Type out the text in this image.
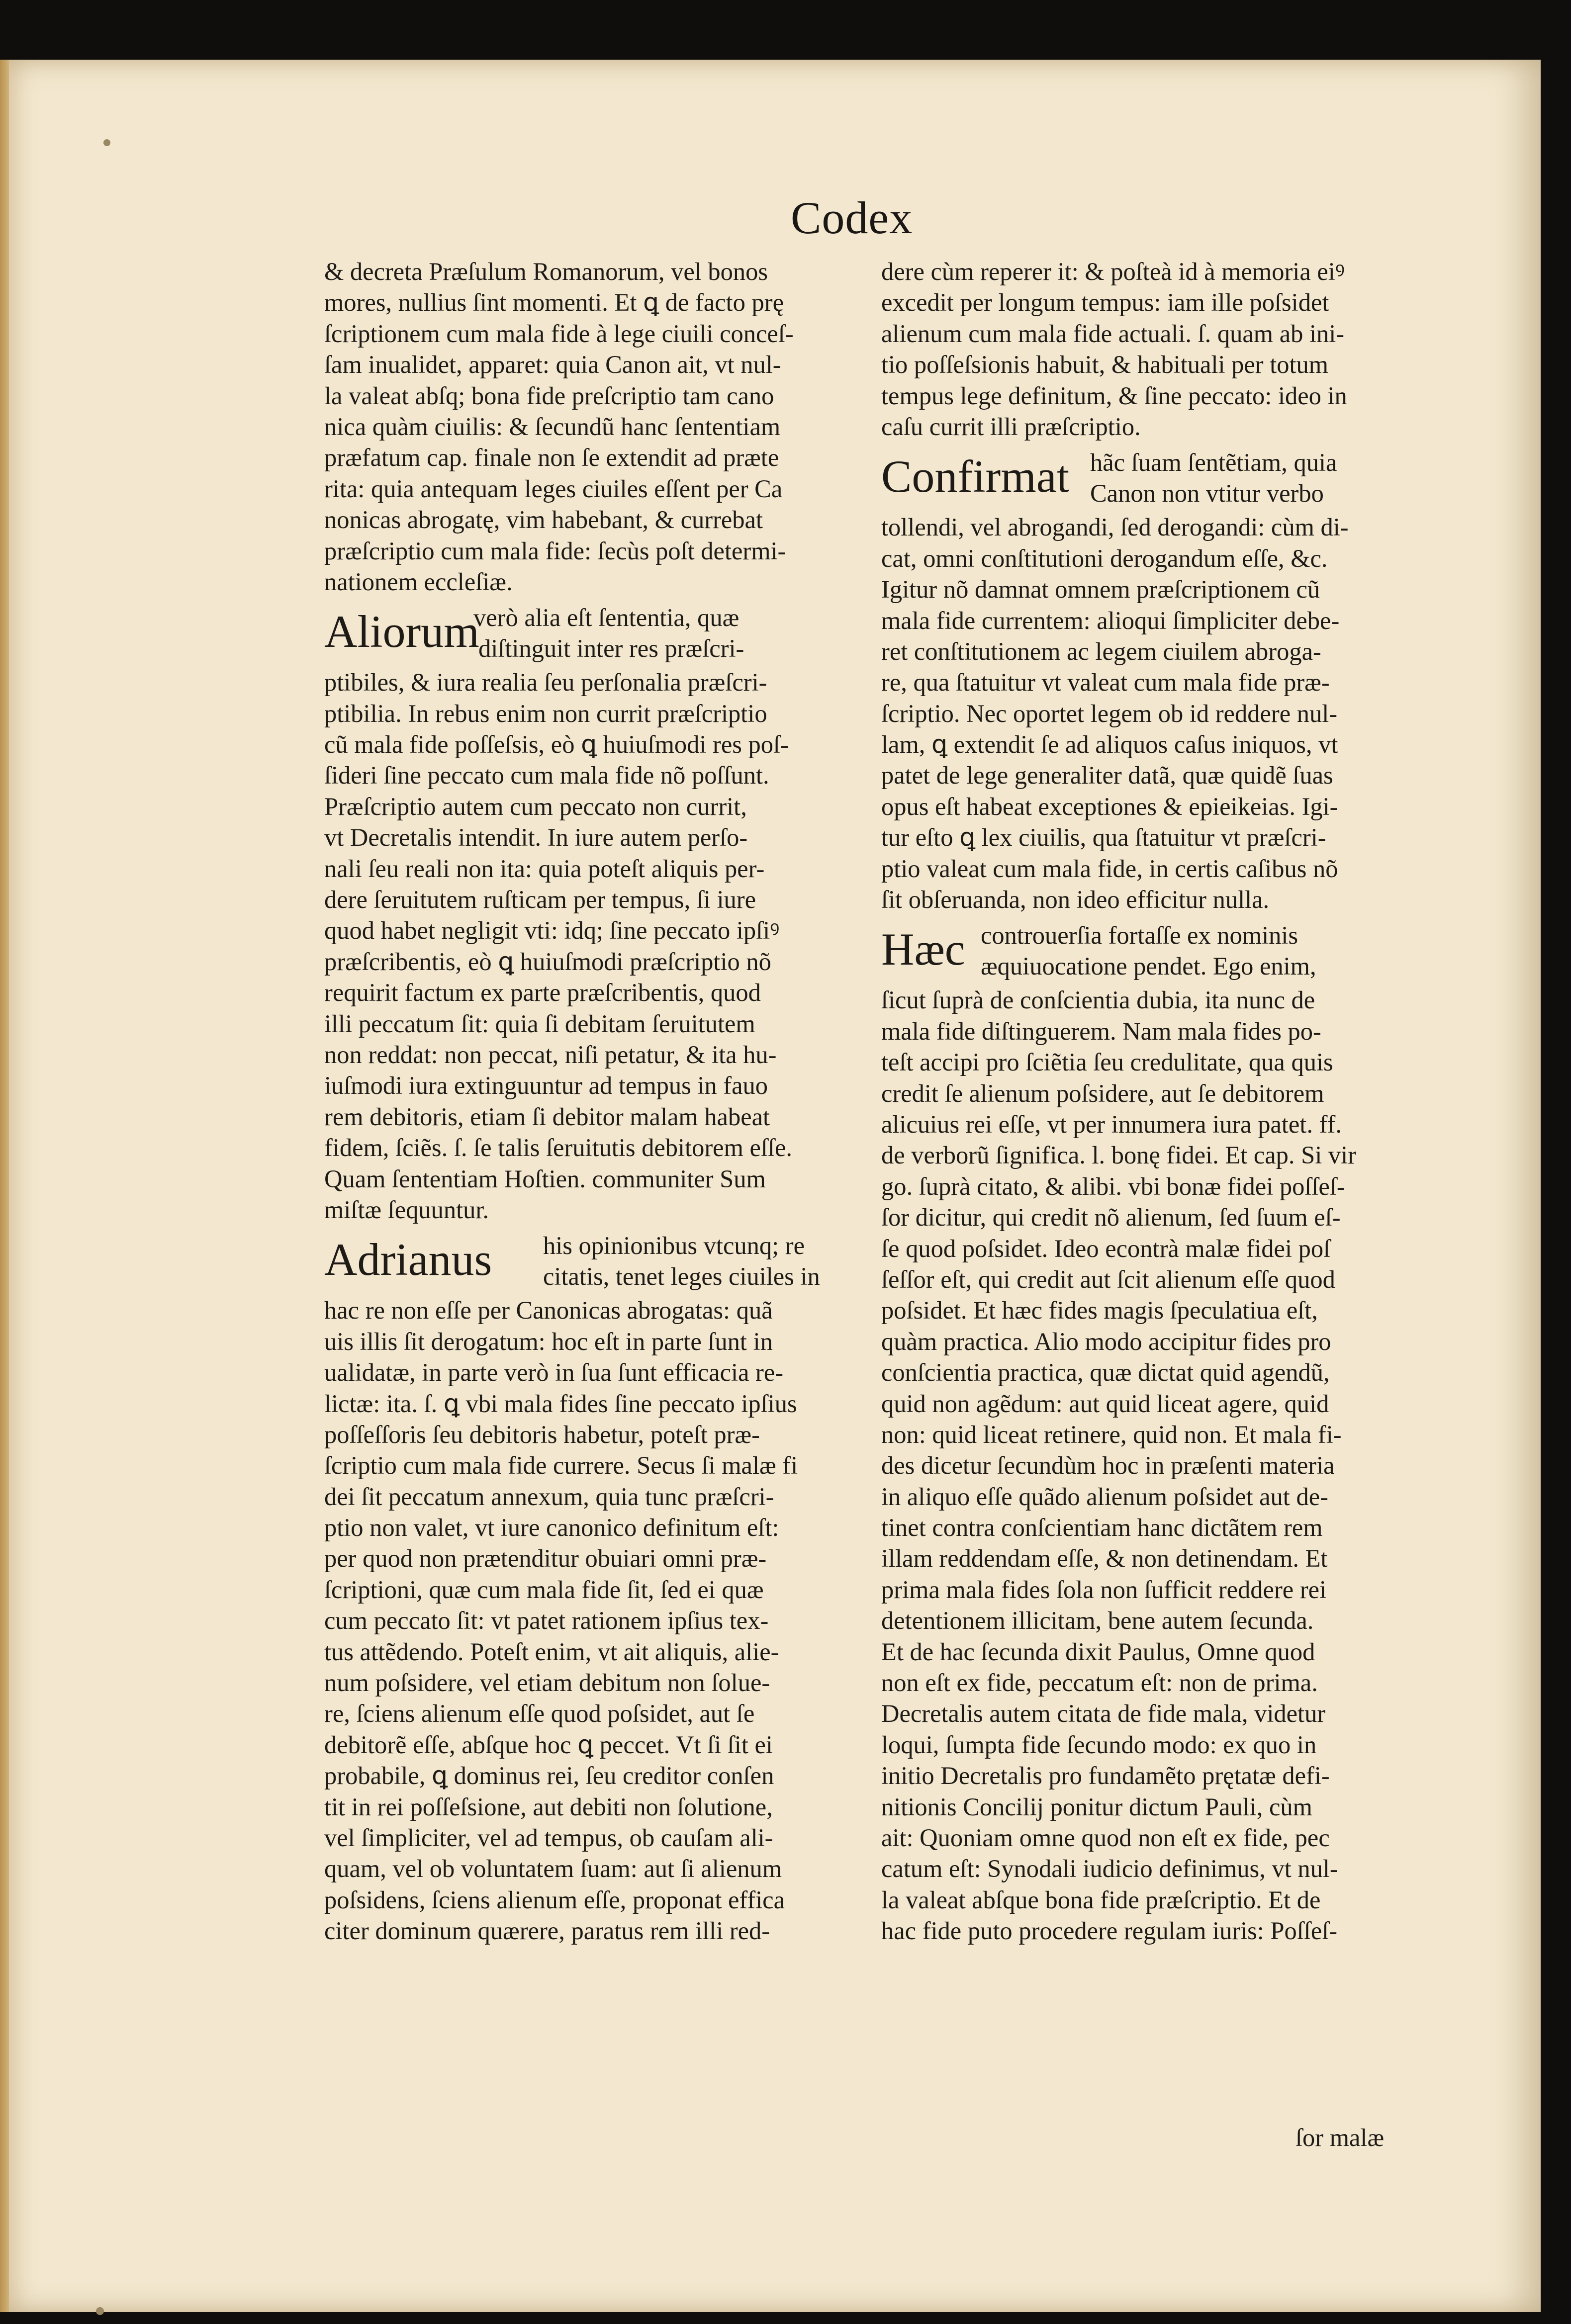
Codex
& decreta Præſulum Romanorum, vel bonos
mores, nullius ſint momenti. Et ꝗ de facto prę
ſcriptionem cum mala fide à lege ciuili conceſ-
ſam inualidet, apparet: quia Canon ait, vt nul-
la valeat abſq; bona fide preſcriptio tam cano
nica quàm ciuilis: & ſecundũ hanc ſententiam
præfatum cap. finale non ſe extendit ad præte
rita: quia antequam leges ciuiles eſſent per Ca
nonicas abrogatę, vim habebant, & currebat
præſcriptio cum mala fide: ſecùs poſt determi-
nationem eccleſiæ.
Aliorum
verò alia eſt ſententia, quæ
diſtinguit inter res præſcri-
ptibiles, & iura realia ſeu perſonalia præſcri-
ptibilia. In rebus enim non currit præſcriptio
cũ mala fide poſſeſsis, eò ꝗ huiuſmodi res poſ-
ſideri ſine peccato cum mala fide nõ poſſunt.
Præſcriptio autem cum peccato non currit,
vt Decretalis intendit. In iure autem perſo-
nali ſeu reali non ita: quia poteſt aliquis per-
dere ſeruitutem ruſticam per tempus, ſi iure
quod habet negligit vti: idq; ſine peccato ipſiꝰ
præſcribentis, eò ꝗ huiuſmodi præſcriptio nõ
requirit factum ex parte præſcribentis, quod
illi peccatum ſit: quia ſi debitam ſeruitutem
non reddat: non peccat, niſi petatur, & ita hu-
iuſmodi iura extinguuntur ad tempus in fauo
rem debitoris, etiam ſi debitor malam habeat
fidem, ſciẽs. ſ. ſe talis ſeruitutis debitorem eſſe.
Quam ſententiam Hoſtien. communiter Sum
miſtæ ſequuntur.
Adrianus his opinionibus vtcunq; re
citatis, tenet leges ciuiles in
hac re non eſſe per Canonicas abrogatas: quã
uis illis ſit derogatum: hoc eſt in parte ſunt in
ualidatæ, in parte verò in ſua ſunt efficacia re-
lictæ: ita. ſ. ꝗ vbi mala fides ſine peccato ipſius
poſſeſſoris ſeu debitoris habetur, poteſt præ-
ſcriptio cum mala fide currere. Secus ſi malæ fi
dei ſit peccatum annexum, quia tunc præſcri-
ptio non valet, vt iure canonico definitum eſt:
per quod non prætenditur obuiari omni præ-
ſcriptioni, quæ cum mala fide ſit, ſed ei quæ
cum peccato ſit: vt patet rationem ipſius tex-
tus attẽdendo. Poteſt enim, vt ait aliquis, alie-
num poſsidere, vel etiam debitum non ſolue-
re, ſciens alienum eſſe quod poſsidet, aut ſe
debitorẽ eſſe, abſque hoc ꝗ peccet. Vt ſi ſit ei
probabile, ꝗ dominus rei, ſeu creditor conſen
tit in rei poſſeſsione, aut debiti non ſolutione,
vel ſimpliciter, vel ad tempus, ob cauſam ali-
quam, vel ob voluntatem ſuam: aut ſi alienum
poſsidens, ſciens alienum eſſe, proponat effica
citer dominum quærere, paratus rem illi red-
dere cùm reperer it: & poſteà id à memoria eiꝰ
excedit per longum tempus: iam ille poſsidet
alienum cum mala fide actuali. ſ. quam ab ini-
tio poſſeſsionis habuit, & habituali per totum
tempus lege definitum, & ſine peccato: ideo in
caſu currit illi præſcriptio.
Confirmat hãc ſuam ſentẽtiam, quia
Canon non vtitur verbo
tollendi, vel abrogandi, ſed derogandi: cùm di-
cat, omni conſtitutioni derogandum eſſe, &c.
Igitur nõ damnat omnem præſcriptionem cũ
mala fide currentem: alioqui ſimpliciter debe-
ret conſtitutionem ac legem ciuilem abroga-
re, qua ſtatuitur vt valeat cum mala fide præ-
ſcriptio. Nec oportet legem ob id reddere nul-
lam, ꝗ extendit ſe ad aliquos caſus iniquos, vt
patet de lege generaliter datã, quæ quidẽ ſuas
opus eſt habeat exceptiones & epieikeias. Igi-
tur eſto ꝗ lex ciuilis, qua ſtatuitur vt præſcri-
ptio valeat cum mala fide, in certis caſibus nõ
ſit obſeruanda, non ideo efficitur nulla.
Hæc controuerſia fortaſſe ex nominis
æquiuocatione pendet. Ego enim,
ſicut ſuprà de conſcientia dubia, ita nunc de
mala fide diſtinguerem. Nam mala fides po-
teſt accipi pro ſciẽtia ſeu credulitate, qua quis
credit ſe alienum poſsidere, aut ſe debitorem
alicuius rei eſſe, vt per innumera iura patet. ff.
de verborũ ſignifica. l. bonę fidei. Et cap. Si vir
go. ſuprà citato, & alibi. vbi bonæ fidei poſſeſ-
ſor dicitur, qui credit nõ alienum, ſed ſuum eſ-
ſe quod poſsidet. Ideo econtrà malæ fidei poſ
ſeſſor eſt, qui credit aut ſcit alienum eſſe quod
poſsidet. Et hæc fides magis ſpeculatiua eſt,
quàm practica. Alio modo accipitur fides pro
conſcientia practica, quæ dictat quid agendũ,
quid non agẽdum: aut quid liceat agere, quid
non: quid liceat retinere, quid non. Et mala fi-
des dicetur ſecundùm hoc in præſenti materia
in aliquo eſſe quãdo alienum poſsidet aut de-
tinet contra conſcientiam hanc dictãtem rem
illam reddendam eſſe, & non detinendam. Et
prima mala fides ſola non ſufficit reddere rei
detentionem illicitam, bene autem ſecunda.
Et de hac ſecunda dixit Paulus, Omne quod
non eſt ex fide, peccatum eſt: non de prima.
Decretalis autem citata de fide mala, videtur
loqui, ſumpta fide ſecundo modo: ex quo in
initio Decretalis pro fundamẽto prętatæ defi-
nitionis Concilij ponitur dictum Pauli, cùm
ait: Quoniam omne quod non eſt ex fide, pec
catum eſt: Synodali iudicio definimus, vt nul-
la valeat abſque bona fide præſcriptio. Et de
hac fide puto procedere regulam iuris: Poſſeſ-
ſor malæ
